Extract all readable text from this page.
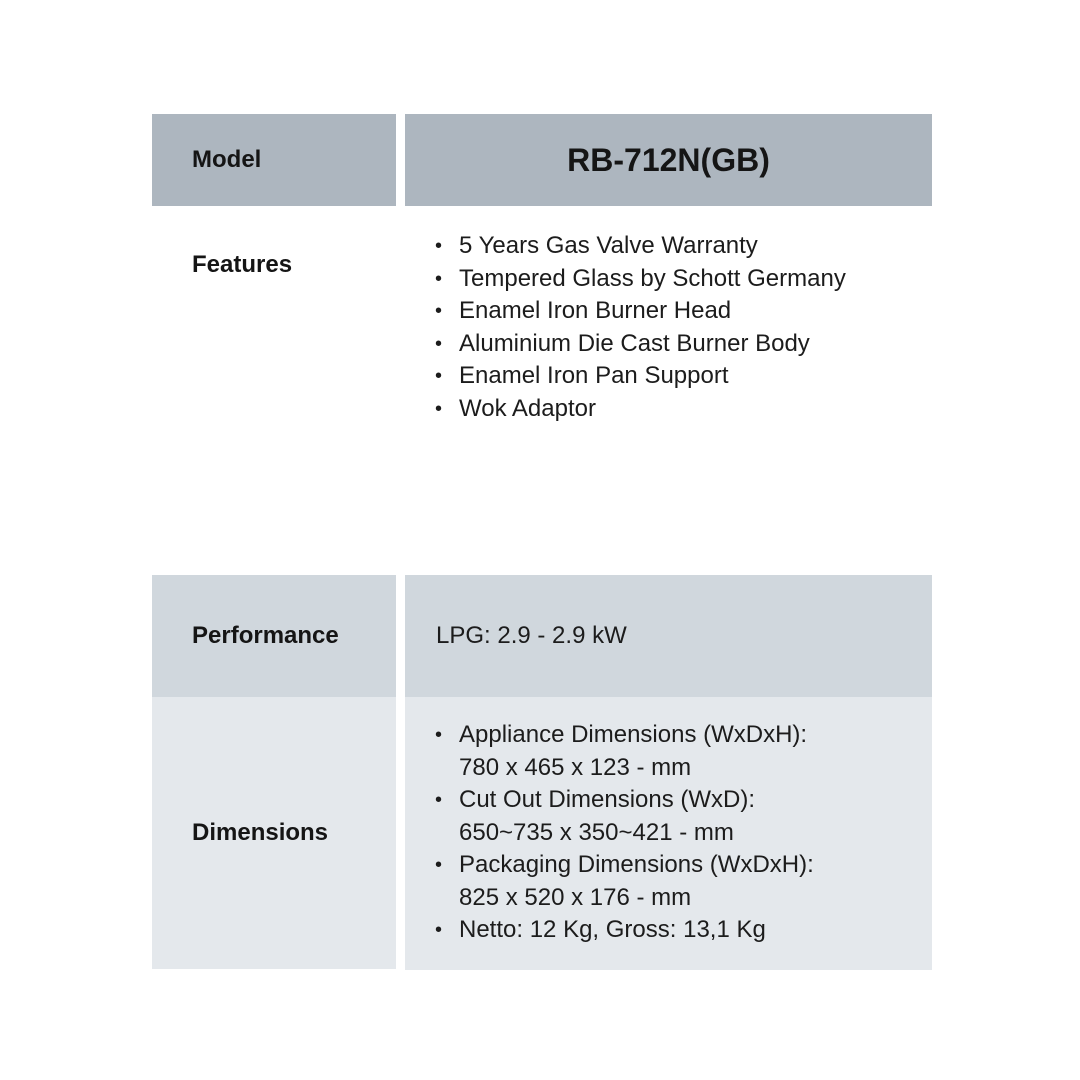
Model	RB-712N(GB)
Features
• 5 Years Gas Valve Warranty
• Tempered Glass by Schott Germany
• Enamel Iron Burner Head
• Aluminium Die Cast Burner Body
• Enamel Iron Pan Support
• Wok Adaptor
Performance	LPG: 2.9 - 2.9 kW
Dimensions
• Appliance Dimensions (WxDxH):
780 x 465 x 123 - mm
• Cut Out Dimensions (WxD):
650~735 x 350~421 - mm
• Packaging Dimensions (WxDxH):
825 x 520 x 176 - mm
• Netto: 12 Kg, Gross: 13,1 Kg
